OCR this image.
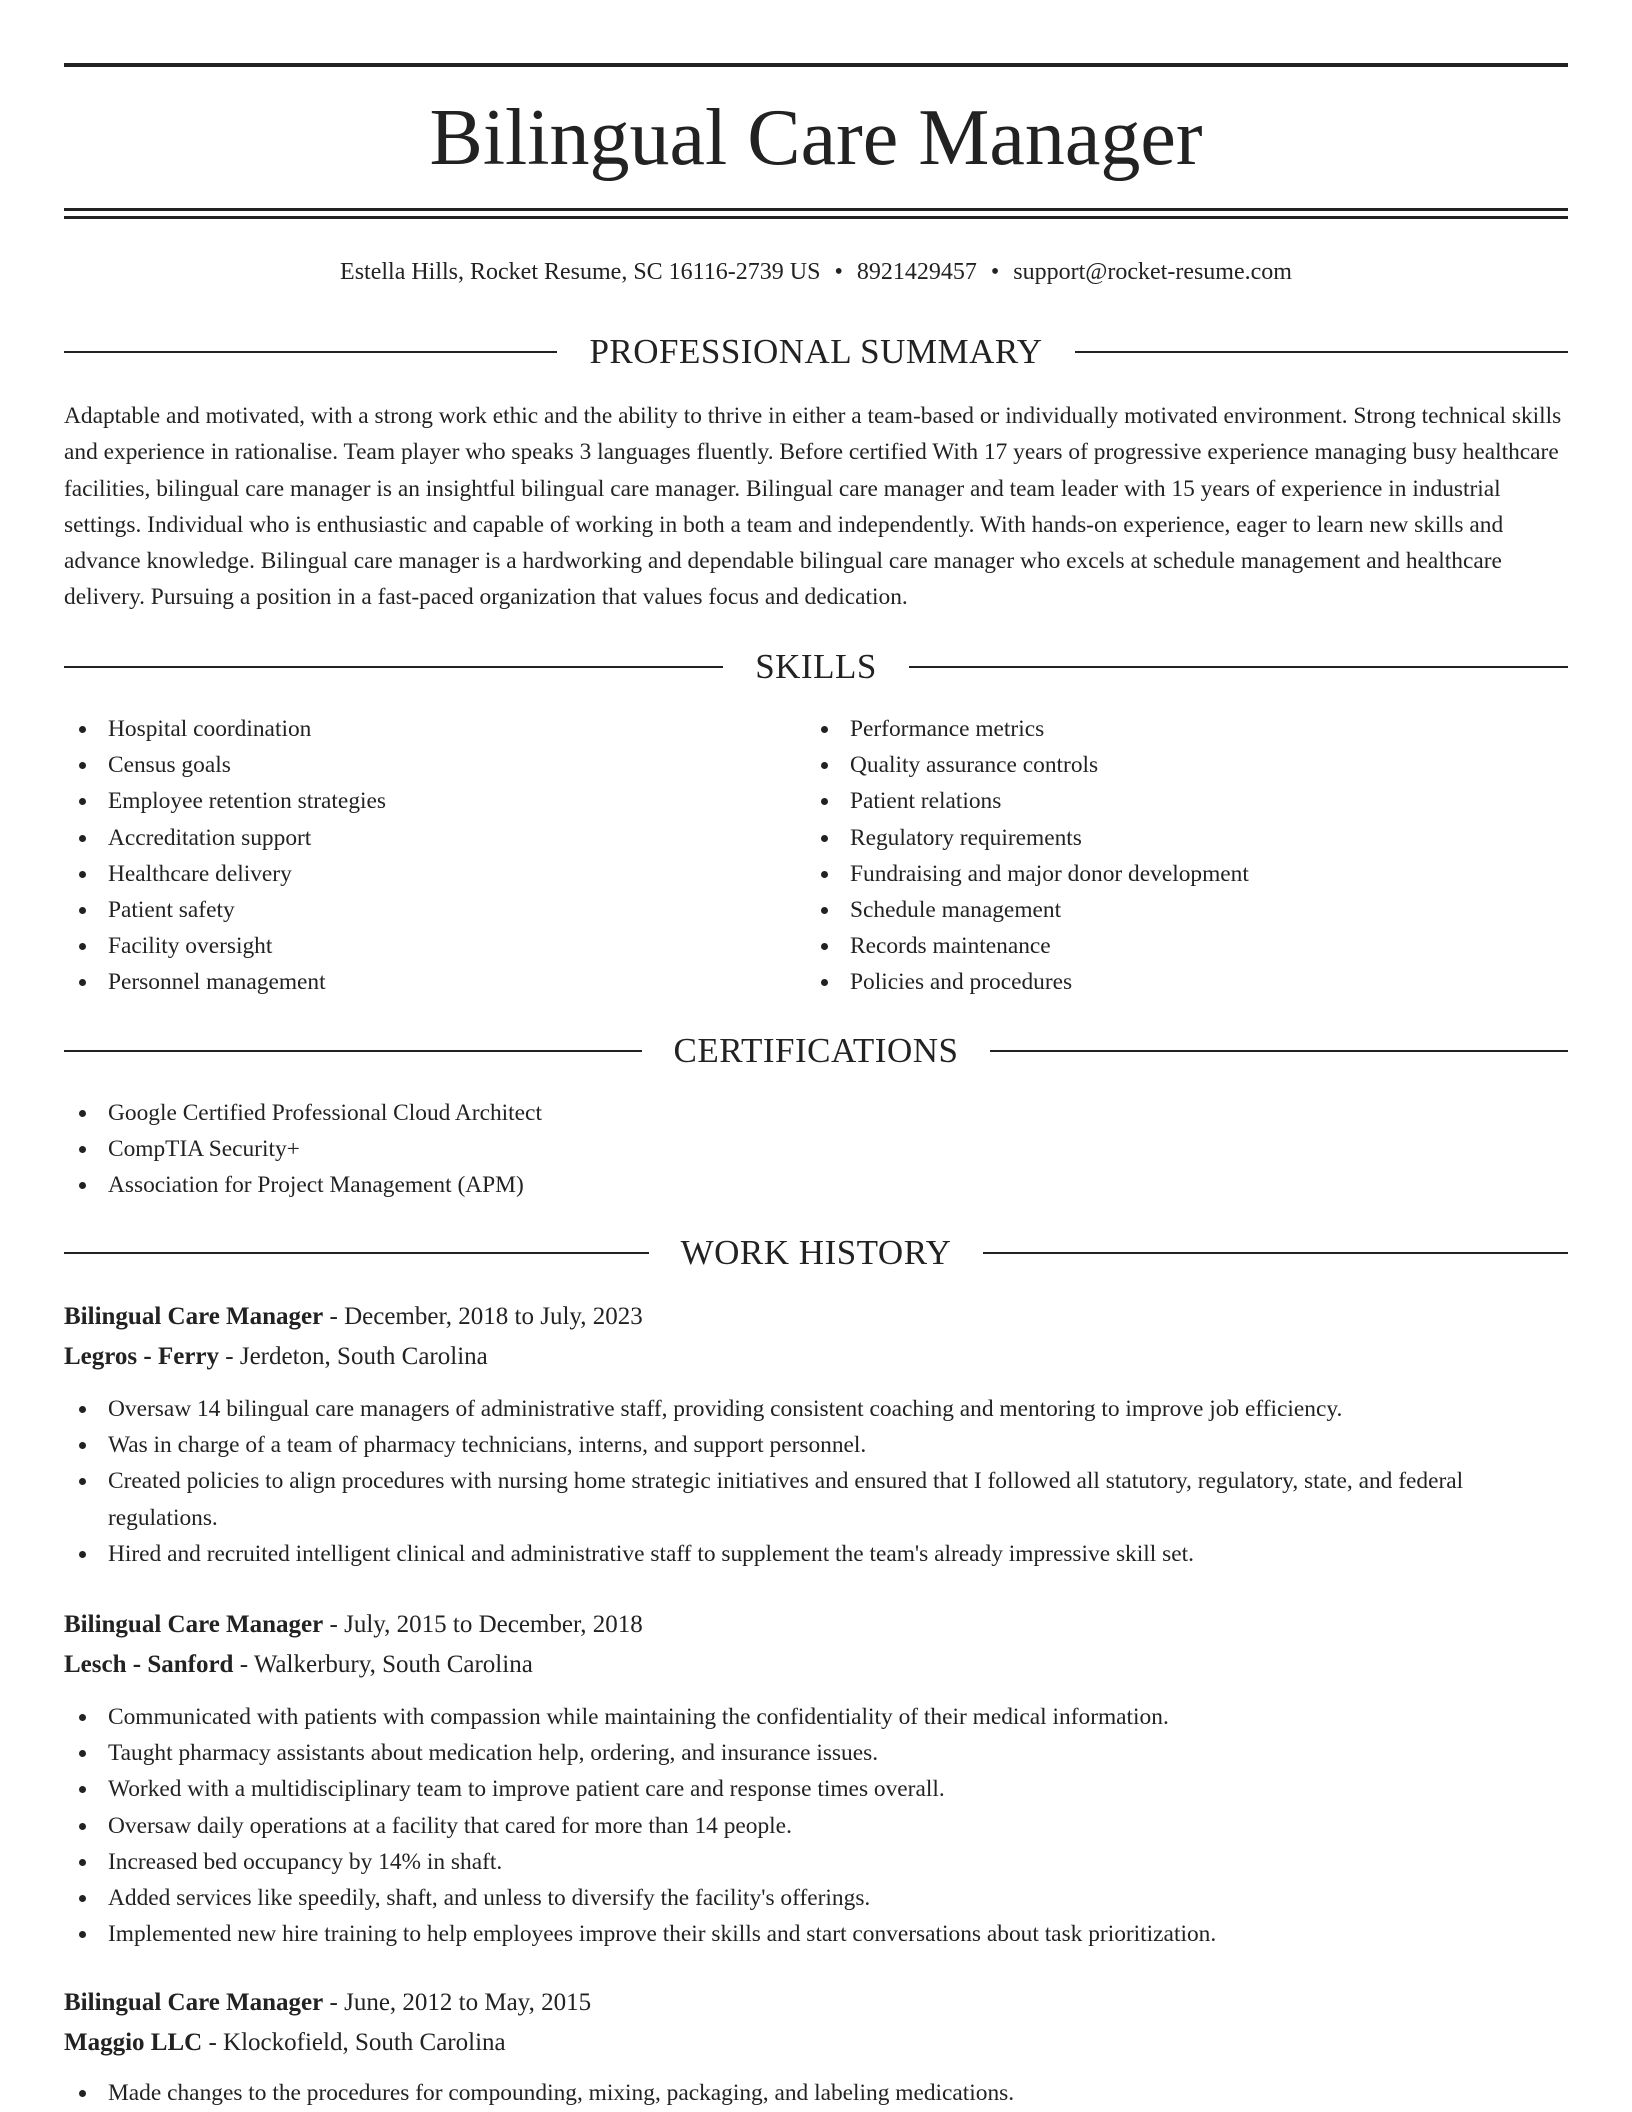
Bilingual Care Manager
Estella Hills, Rocket Resume, SC 16116-2739 US • 8921429457 • support@rocket-resume.com
PROFESSIONAL SUMMARY

Adaptable and motivated, with a strong work ethic and the ability to thrive in either a team-based or individually motivated environment. Strong technical skills and experience in rationalise. Team player who speaks 3 languages fluently. Before certified With 17 years of progressive experience managing busy healthcare facilities, bilingual care manager is an insightful bilingual care manager. Bilingual care manager and team leader with 15 years of experience in industrial settings. Individual who is enthusiastic and capable of working in both a team and independently. With hands-on experience, eager to learn new skills and advance knowledge. Bilingual care manager is a hardworking and dependable bilingual care manager who excels at schedule management and healthcare delivery. Pursuing a position in a fast-paced organization that values focus and dedication.

SKILLS
Hospital coordination
Census goals
Employee retention strategies
Accreditation support
Healthcare delivery
Patient safety
Facility oversight
Personnel management
Performance metrics
Quality assurance controls
Patient relations
Regulatory requirements
Fundraising and major donor development
Schedule management
Records maintenance
Policies and procedures
CERTIFICATIONS
Google Certified Professional Cloud Architect
CompTIA Security+
Association for Project Management (APM)
WORK HISTORY
Bilingual Care Manager - December, 2018 to July, 2023
Legros - Ferry - Jerdeton, South Carolina
Oversaw 14 bilingual care managers of administrative staff, providing consistent coaching and mentoring to improve job efficiency.
Was in charge of a team of pharmacy technicians, interns, and support personnel.
Created policies to align procedures with nursing home strategic initiatives and ensured that I followed all statutory, regulatory, state, and federal regulations.
Hired and recruited intelligent clinical and administrative staff to supplement the team's already impressive skill set.
Bilingual Care Manager - July, 2015 to December, 2018
Lesch - Sanford - Walkerbury, South Carolina
Communicated with patients with compassion while maintaining the confidentiality of their medical information.
Taught pharmacy assistants about medication help, ordering, and insurance issues.
Worked with a multidisciplinary team to improve patient care and response times overall.
Oversaw daily operations at a facility that cared for more than 14 people.
Increased bed occupancy by 14% in shaft.
Added services like speedily, shaft, and unless to diversify the facility's offerings.
Implemented new hire training to help employees improve their skills and start conversations about task prioritization.
Bilingual Care Manager - June, 2012 to May, 2015
Maggio LLC - Klockofield, South Carolina
Made changes to the procedures for compounding, mixing, packaging, and labeling medications.
